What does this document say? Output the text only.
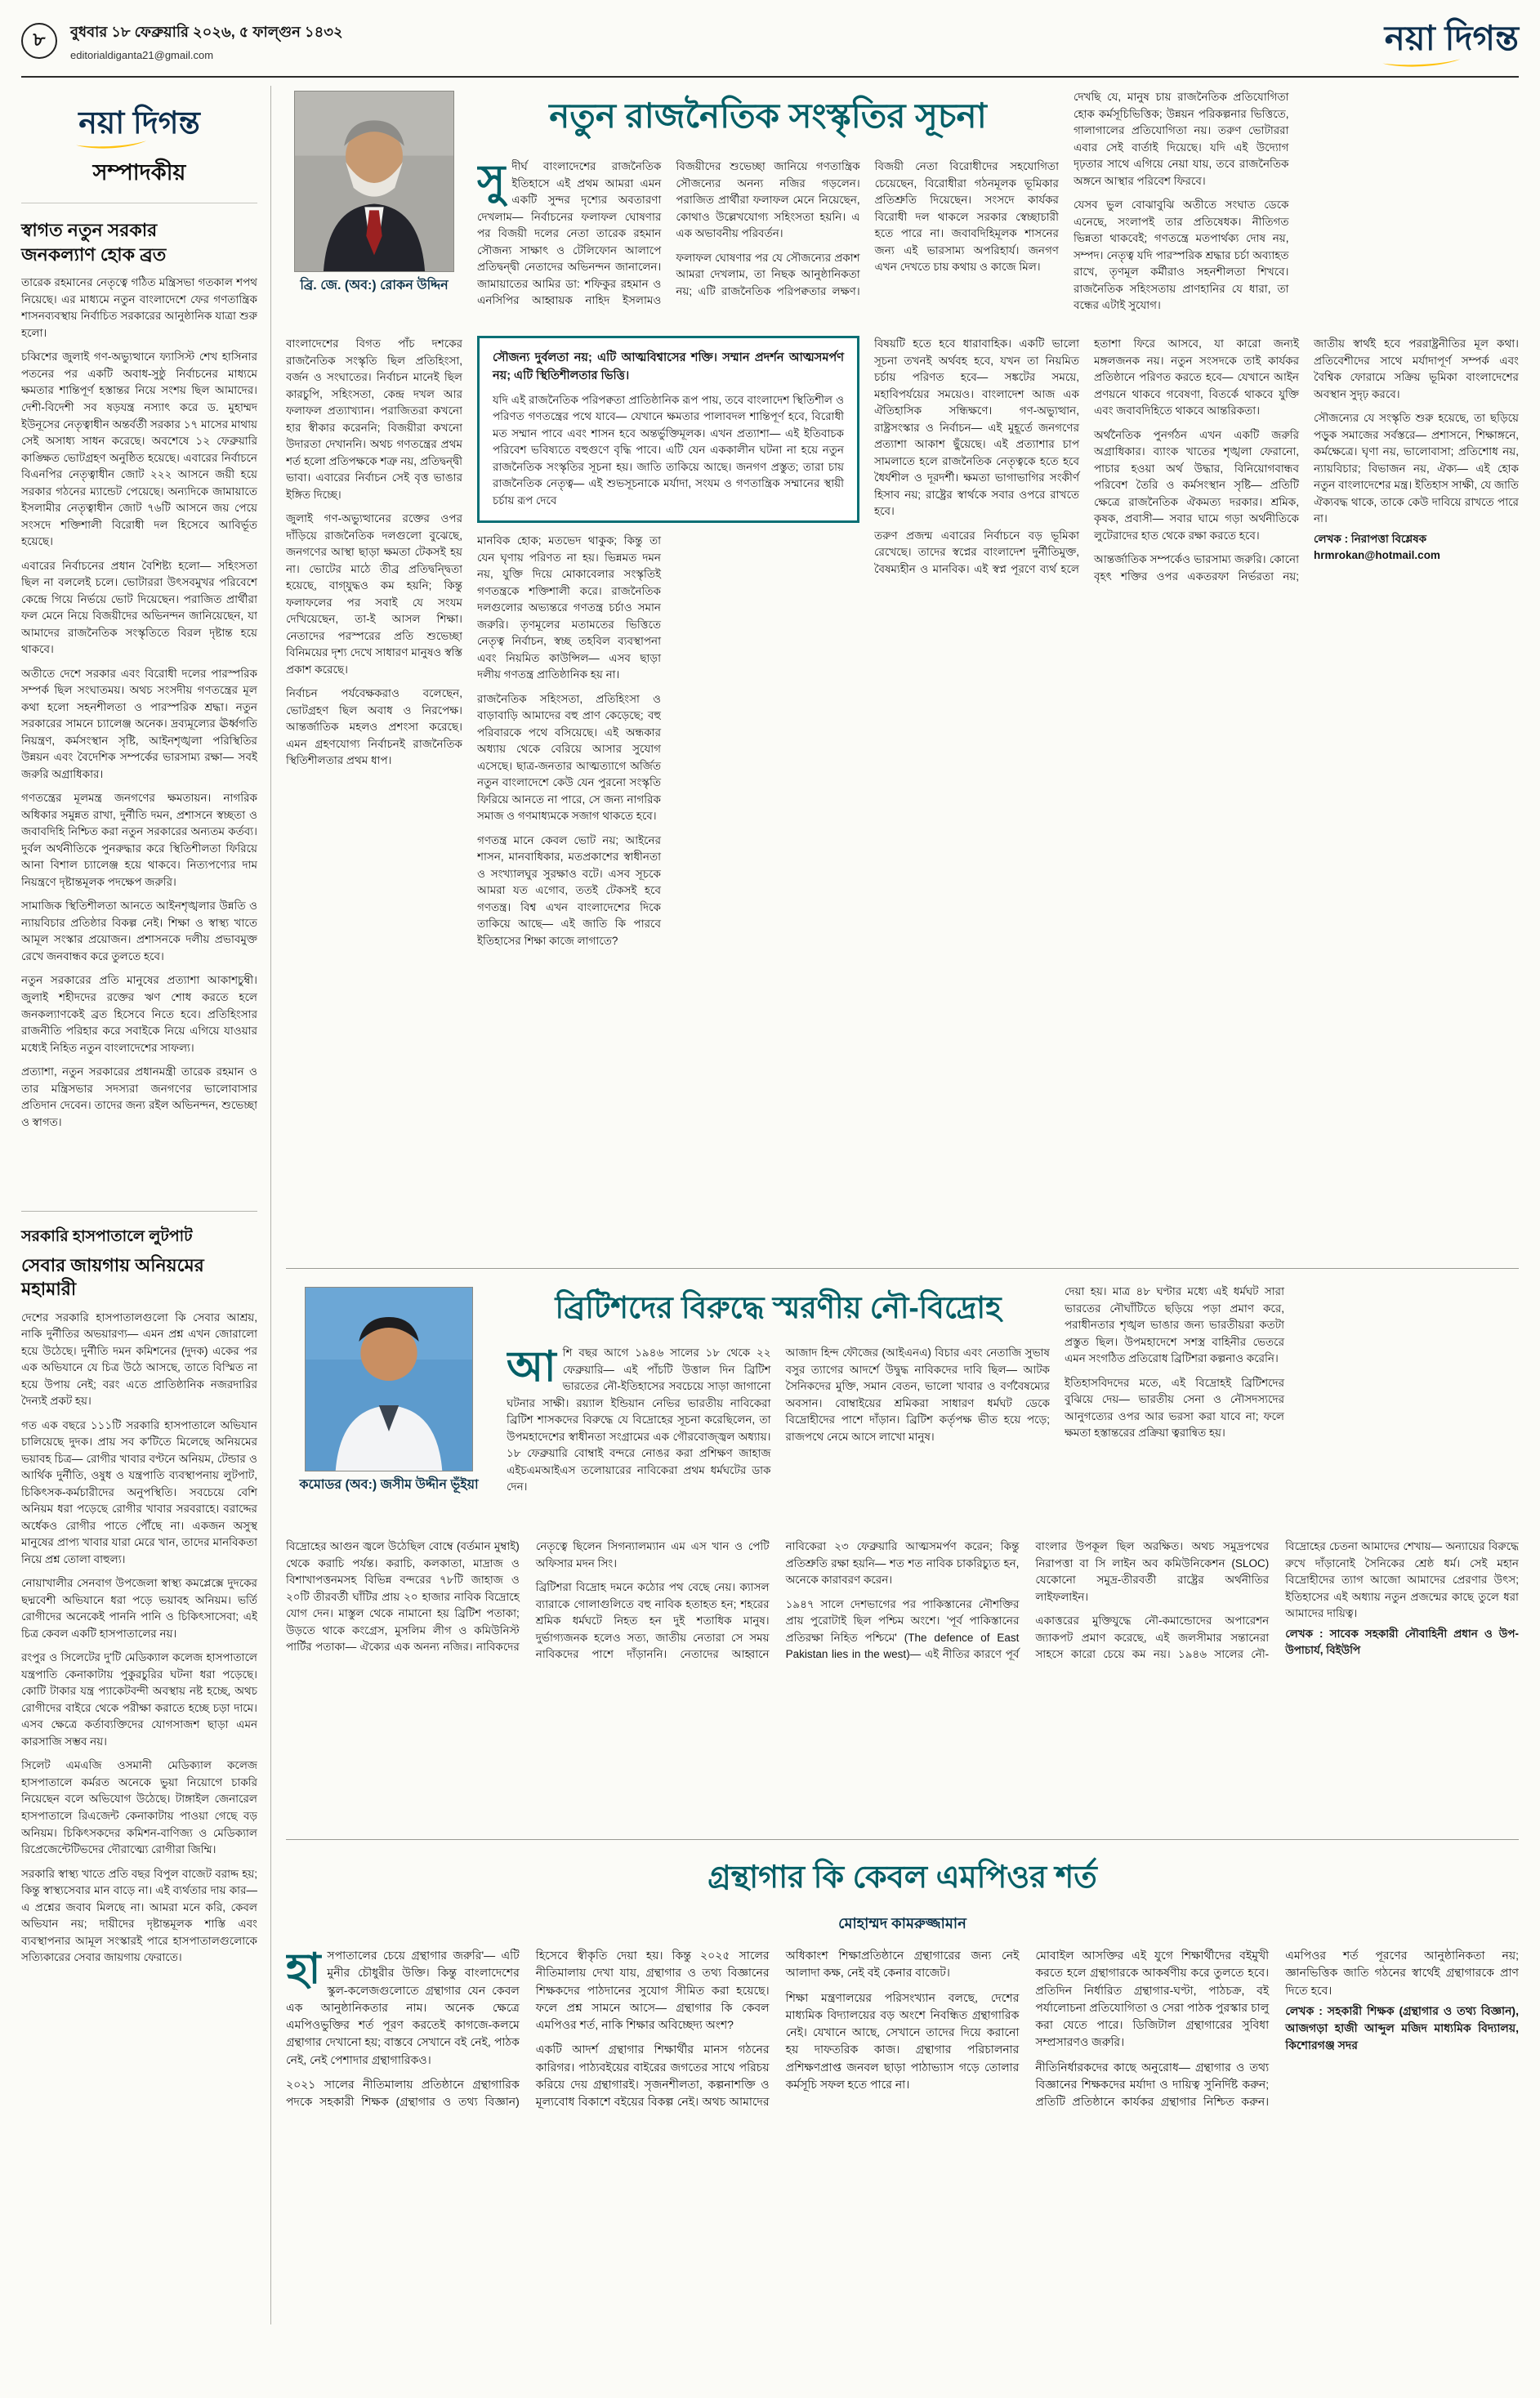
৮	বুধবার ১৮ ফেব্রুয়ারি ২০২৬, ৫ ফাল্গুন ১৪৩২
editorialdiganta21@gmail.com	নয়া দিগন্ত
নয়া দিগন্ত
সম্পাদকীয়
স্বাগত নতুন সরকার
জনকল্যাণ হোক ব্রত

তারেক রহমানের নেতৃত্বে গঠিত মন্ত্রিসভা গতকাল শপথ নিয়েছে। এর মাধ্যমে নতুন বাংলাদেশে ফের গণতান্ত্রিক শাসনব্যবস্থায় নির্বাচিত সরকারের আনুষ্ঠানিক যাত্রা শুরু হলো।

চব্বিশের জুলাই গণ-অভ্যুত্থানে ফ্যাসিস্ট শেখ হাসিনার পতনের পর একটি অবাধ-সুষ্ঠু নির্বাচনের মাধ্যমে ক্ষমতার শান্তিপূর্ণ হস্তান্তর নিয়ে সংশয় ছিল আমাদের। দেশী-বিদেশী সব ষড়যন্ত্র নস্যাৎ করে ড. মুহাম্মদ ইউনূসের নেতৃত্বাধীন অন্তর্বর্তী সরকার ১৭ মাসের মাথায় সেই অসাধ্য সাধন করেছে। অবশেষে ১২ ফেব্রুয়ারি কাঙ্ক্ষিত ভোটগ্রহণ অনুষ্ঠিত হয়েছে। এবারের নির্বাচনে বিএনপির নেতৃত্বাধীন জোট ২২২ আসনে জয়ী হয়ে সরকার গঠনের ম্যান্ডেট পেয়েছে। অন্যদিকে জামায়াতে ইসলামীর নেতৃত্বাধীন জোট ৭৬টি আসনে জয় পেয়ে সংসদে শক্তিশালী বিরোধী দল হিসেবে আবির্ভূত হয়েছে।

এবারের নির্বাচনের প্রধান বৈশিষ্ট্য হলো— সহিংসতা ছিল না বললেই চলে। ভোটাররা উৎসবমুখর পরিবেশে কেন্দ্রে গিয়ে নির্ভয়ে ভোট দিয়েছেন। পরাজিত প্রার্থীরা ফল মেনে নিয়ে বিজয়ীদের অভিনন্দন জানিয়েছেন, যা আমাদের রাজনৈতিক সংস্কৃতিতে বিরল দৃষ্টান্ত হয়ে থাকবে।

অতীতে দেশে সরকার এবং বিরোধী দলের পারস্পরিক সম্পর্ক ছিল সংঘাতময়। অথচ সংসদীয় গণতন্ত্রের মূল কথা হলো সহনশীলতা ও পারস্পরিক শ্রদ্ধা। নতুন সরকারের সামনে চ্যালেঞ্জ অনেক। দ্রব্যমূল্যের ঊর্ধ্বগতি নিয়ন্ত্রণ, কর্মসংস্থান সৃষ্টি, আইনশৃঙ্খলা পরিস্থিতির উন্নয়ন এবং বৈদেশিক সম্পর্কের ভারসাম্য রক্ষা— সবই জরুরি অগ্রাধিকার।

গণতন্ত্রের মূলমন্ত্র জনগণের ক্ষমতায়ন। নাগরিক অধিকার সমুন্নত রাখা, দুর্নীতি দমন, প্রশাসনে স্বচ্ছতা ও জবাবদিহি নিশ্চিত করা নতুন সরকারের অন্যতম কর্তব্য। দুর্বল অর্থনীতিকে পুনরুদ্ধার করে স্থিতিশীলতা ফিরিয়ে আনা বিশাল চ্যালেঞ্জ হয়ে থাকবে। নিত্যপণ্যের দাম নিয়ন্ত্রণে দৃষ্টান্তমূলক পদক্ষেপ জরুরি।

সামাজিক স্থিতিশীলতা আনতে আইনশৃঙ্খলার উন্নতি ও ন্যায়বিচার প্রতিষ্ঠার বিকল্প নেই। শিক্ষা ও স্বাস্থ্য খাতে আমূল সংস্কার প্রয়োজন। প্রশাসনকে দলীয় প্রভাবমুক্ত রেখে জনবান্ধব করে তুলতে হবে।

নতুন সরকারের প্রতি মানুষের প্রত্যাশা আকাশচুম্বী। জুলাই শহীদদের রক্তের ঋণ শোধ করতে হলে জনকল্যাণকেই ব্রত হিসেবে নিতে হবে। প্রতিহিংসার রাজনীতি পরিহার করে সবাইকে নিয়ে এগিয়ে যাওয়ার মধ্যেই নিহিত নতুন বাংলাদেশের সাফল্য।

প্রত্যাশা, নতুন সরকারের প্রধানমন্ত্রী তারেক রহমান ও তার মন্ত্রিসভার সদস্যরা জনগণের ভালোবাসার প্রতিদান দেবেন। তাদের জন্য রইল অভিনন্দন, শুভেচ্ছা ও স্বাগত।

সরকারি হাসপাতালে লুটপাট
সেবার জায়গায় অনিয়মের মহামারী

দেশের সরকারি হাসপাতালগুলো কি সেবার আশ্রয়, নাকি দুর্নীতির অভয়ারণ্য— এমন প্রশ্ন এখন জোরালো হয়ে উঠেছে। দুর্নীতি দমন কমিশনের (দুদক) একের পর এক অভিযানে যে চিত্র উঠে আসছে, তাতে বিস্মিত না হয়ে উপায় নেই; বরং এতে প্রাতিষ্ঠানিক নজরদারির দৈন্যই প্রকট হয়।

গত এক বছরে ১১১টি সরকারি হাসপাতালে অভিযান চালিয়েছে দুদক। প্রায় সব ক'টিতে মিলেছে অনিয়মের ভয়াবহ চিত্র— রোগীর খাবার বণ্টনে অনিয়ম, টেন্ডার ও আর্থিক দুর্নীতি, ওষুধ ও যন্ত্রপাতি ব্যবস্থাপনায় লুটপাট, চিকিৎসক-কর্মচারীদের অনুপস্থিতি। সবচেয়ে বেশি অনিয়ম ধরা পড়েছে রোগীর খাবার সরবরাহে। বরাদ্দের অর্ধেকও রোগীর পাতে পৌঁছে না। একজন অসুস্থ মানুষের প্রাপ্য খাবার যারা মেরে খান, তাদের মানবিকতা নিয়ে প্রশ্ন তোলা বাহুল্য।

নোয়াখালীর সেনবাগ উপজেলা স্বাস্থ্য কমপ্লেক্সে দুদকের ছদ্মবেশী অভিযানে ধরা পড়ে ভয়াবহ অনিয়ম। ভর্তি রোগীদের অনেকেই পাননি পানি ও চিকিৎসাসেবা; এই চিত্র কেবল একটি হাসপাতালের নয়।

রংপুর ও সিলেটের দু'টি মেডিক্যাল কলেজ হাসপাতালে যন্ত্রপাতি কেনাকাটায় পুকুরচুরির ঘটনা ধরা পড়েছে। কোটি টাকার যন্ত্র প্যাকেটবন্দী অবস্থায় নষ্ট হচ্ছে, অথচ রোগীদের বাইরে থেকে পরীক্ষা করাতে হচ্ছে চড়া দামে। এসব ক্ষেত্রে কর্তাব্যক্তিদের যোগসাজশ ছাড়া এমন কারসাজি সম্ভব নয়।

সিলেট এমএজি ওসমানী মেডিক্যাল কলেজ হাসপাতালে কর্মরত অনেকে ভুয়া নিয়োগে চাকরি নিয়েছেন বলে অভিযোগ উঠেছে। টাঙ্গাইল জেনারেল হাসপাতালে রিএজেন্ট কেনাকাটায় পাওয়া গেছে বড় অনিয়ম। চিকিৎসকদের কমিশন-বাণিজ্য ও মেডিক্যাল রিপ্রেজেন্টেটিভদের দৌরাত্ম্যে রোগীরা জিম্মি।

সরকারি স্বাস্থ্য খাতে প্রতি বছর বিপুল বাজেট বরাদ্দ হয়; কিন্তু স্বাস্থ্যসেবার মান বাড়ে না। এই ব্যর্থতার দায় কার— এ প্রশ্নের জবাব মিলছে না। আমরা মনে করি, কেবল অভিযান নয়; দায়ীদের দৃষ্টান্তমূলক শাস্তি এবং ব্যবস্থাপনার আমূল সংস্কারই পারে হাসপাতালগুলোকে সত্যিকারের সেবার জায়গায় ফেরাতে।

ব্রি. জে. (অব:) রোকন উদ্দিন
নতুন রাজনৈতিক সংস্কৃতির সূচনা

সুদীর্ঘ বাংলাদেশের রাজনৈতিক ইতিহাসে এই প্রথম আমরা এমন একটি সুন্দর দৃশ্যের অবতারণা দেখলাম— নির্বাচনের ফলাফল ঘোষণার পর বিজয়ী দলের নেতা তারেক রহমান সৌজন্য সাক্ষাৎ ও টেলিফোন আলাপে প্রতিদ্বন্দ্বী নেতাদের অভিনন্দন জানালেন। জামায়াতের আমির ডা: শফিকুর রহমান ও এনসিপির আহ্বায়ক নাহিদ ইসলামও বিজয়ীদের শুভেচ্ছা জানিয়ে গণতান্ত্রিক সৌজন্যের অনন্য নজির গড়লেন। পরাজিত প্রার্থীরা ফলাফল মেনে নিয়েছেন, কোথাও উল্লেখযোগ্য সহিংসতা হয়নি। এ এক অভাবনীয় পরিবর্তন।

ফলাফল ঘোষণার পর যে সৌজন্যের প্রকাশ আমরা দেখলাম, তা নিছক আনুষ্ঠানিকতা নয়; এটি রাজনৈতিক পরিপক্বতার লক্ষণ। বিজয়ী নেতা বিরোধীদের সহযোগিতা চেয়েছেন, বিরোধীরা গঠনমূলক ভূমিকার প্রতিশ্রুতি দিয়েছেন। সংসদে কার্যকর বিরোধী দল থাকলে সরকার স্বেচ্ছাচারী হতে পারে না। জবাবদিহিমূলক শাসনের জন্য এই ভারসাম্য অপরিহার্য। জনগণ এখন দেখতে চায় কথায় ও কাজে মিল।

দেখছি যে, মানুষ চায় রাজনৈতিক প্রতিযোগিতা হোক কর্মসূচিভিত্তিক; উন্নয়ন পরিকল্পনার ভিত্তিতে, গালাগালের প্রতিযোগিতা নয়। তরুণ ভোটাররা এবার সেই বার্তাই দিয়েছে। যদি এই উদ্যোগ দৃঢ়তার সাথে এগিয়ে নেয়া যায়, তবে রাজনৈতিক অঙ্গনে আস্থার পরিবেশ ফিরবে।

যেসব ভুল বোঝাবুঝি অতীতে সংঘাত ডেকে এনেছে, সংলাপই তার প্রতিষেধক। নীতিগত ভিন্নতা থাকবেই; গণতন্ত্রে মতপার্থক্য দোষ নয়, সম্পদ। নেতৃত্ব যদি পারস্পরিক শ্রদ্ধার চর্চা অব্যাহত রাখে, তৃণমূল কর্মীরাও সহনশীলতা শিখবে। রাজনৈতিক সহিংসতায় প্রাণহানির যে ধারা, তা বন্ধের এটাই সুযোগ।

বাংলাদেশের বিগত পাঁচ দশকের রাজনৈতিক সংস্কৃতি ছিল প্রতিহিংসা, বর্জন ও সংঘাতের। নির্বাচন মানেই ছিল কারচুপি, সহিংসতা, কেন্দ্র দখল আর ফলাফল প্রত্যাখ্যান। পরাজিতরা কখনো হার স্বীকার করেননি; বিজয়ীরা কখনো উদারতা দেখাননি। অথচ গণতন্ত্রের প্রথম শর্ত হলো প্রতিপক্ষকে শত্রু নয়, প্রতিদ্বন্দ্বী ভাবা। এবারের নির্বাচন সেই বৃত্ত ভাঙার ইঙ্গিত দিচ্ছে।

জুলাই গণ-অভ্যুত্থানের রক্তের ওপর দাঁড়িয়ে রাজনৈতিক দলগুলো বুঝেছে, জনগণের আস্থা ছাড়া ক্ষমতা টেকসই হয় না। ভোটের মাঠে তীব্র প্রতিদ্বন্দ্বিতা হয়েছে, বাগ্‌যুদ্ধও কম হয়নি; কিন্তু ফলাফলের পর সবাই যে সংযম দেখিয়েছেন, তা-ই আসল শিক্ষা। নেতাদের পরস্পরের প্রতি শুভেচ্ছা বিনিময়ের দৃশ্য দেখে সাধারণ মানুষও স্বস্তি প্রকাশ করেছে।

নির্বাচন পর্যবেক্ষকরাও বলেছেন, ভোটগ্রহণ ছিল অবাধ ও নিরপেক্ষ। আন্তর্জাতিক মহলও প্রশংসা করেছে। এমন গ্রহণযোগ্য নির্বাচনই রাজনৈতিক স্থিতিশীলতার প্রথম ধাপ।

সৌজন্য দুর্বলতা নয়; এটি আত্মবিশ্বাসের শক্তি। সম্মান প্রদর্শন আত্মসমর্পণ নয়; এটি স্থিতিশীলতার ভিত্তি।

যদি এই রাজনৈতিক পরিপক্বতা প্রাতিষ্ঠানিক রূপ পায়, তবে বাংলাদেশ স্থিতিশীল ও পরিণত গণতন্ত্রের পথে যাবে— যেখানে ক্ষমতার পালাবদল শান্তিপূর্ণ হবে, বিরোধী মত সম্মান পাবে এবং শাসন হবে অন্তর্ভুক্তিমূলক। এখন প্রত্যাশা— এই ইতিবাচক পরিবেশ ভবিষ্যতে বহুগুণে বৃদ্ধি পাবে। এটি যেন এককালীন ঘটনা না হয়ে নতুন রাজনৈতিক সংস্কৃতির সূচনা হয়। জাতি তাকিয়ে আছে। জনগণ প্রস্তুত; তারা চায় রাজনৈতিক নেতৃত্ব— এই শুভসূচনাকে মর্যাদা, সংযম ও গণতান্ত্রিক সম্মানের স্থায়ী চর্চায় রূপ দেবে

মানবিক হোক; মতভেদ থাকুক; কিন্তু তা যেন ঘৃণায় পরিণত না হয়। ভিন্নমত দমন নয়, যুক্তি দিয়ে মোকাবেলার সংস্কৃতিই গণতন্ত্রকে শক্তিশালী করে। রাজনৈতিক দলগুলোর অভ্যন্তরে গণতন্ত্র চর্চাও সমান জরুরি। তৃণমূলের মতামতের ভিত্তিতে নেতৃত্ব নির্বাচন, স্বচ্ছ তহবিল ব্যবস্থাপনা এবং নিয়মিত কাউন্সিল— এসব ছাড়া দলীয় গণতন্ত্র প্রাতিষ্ঠানিক হয় না।

রাজনৈতিক সহিংসতা, প্রতিহিংসা ও বাড়াবাড়ি আমাদের বহু প্রাণ কেড়েছে; বহু পরিবারকে পথে বসিয়েছে। এই অন্ধকার অধ্যায় থেকে বেরিয়ে আসার সুযোগ এসেছে। ছাত্র-জনতার আত্মত্যাগে অর্জিত নতুন বাংলাদেশে কেউ যেন পুরনো সংস্কৃতি ফিরিয়ে আনতে না পারে, সে জন্য নাগরিক সমাজ ও গণমাধ্যমকে সজাগ থাকতে হবে।

গণতন্ত্র মানে কেবল ভোট নয়; আইনের শাসন, মানবাধিকার, মতপ্রকাশের স্বাধীনতা ও সংখ্যালঘুর সুরক্ষাও বটে। এসব সূচকে আমরা যত এগোব, ততই টেকসই হবে গণতন্ত্র। বিশ্ব এখন বাংলাদেশের দিকে তাকিয়ে আছে— এই জাতি কি পারবে ইতিহাসের শিক্ষা কাজে লাগাতে?

বিষয়টি হতে হবে ধারাবাহিক। একটি ভালো সূচনা তখনই অর্থবহ হবে, যখন তা নিয়মিত চর্চায় পরিণত হবে— সঙ্কটের সময়ে, মহাবিপর্যয়ের সময়েও। বাংলাদেশ আজ এক ঐতিহাসিক সন্ধিক্ষণে। গণ-অভ্যুত্থান, রাষ্ট্রসংস্কার ও নির্বাচন— এই মুহূর্তে জনগণের প্রত্যাশা আকাশ ছুঁয়েছে। এই প্রত্যাশার চাপ সামলাতে হলে রাজনৈতিক নেতৃত্বকে হতে হবে ধৈর্যশীল ও দূরদর্শী। ক্ষমতা ভাগাভাগির সংকীর্ণ হিসাব নয়; রাষ্ট্রের স্বার্থকে সবার ওপরে রাখতে হবে।

তরুণ প্রজন্ম এবারের নির্বাচনে বড় ভূমিকা রেখেছে। তাদের স্বপ্নের বাংলাদেশ দুর্নীতিমুক্ত, বৈষম্যহীন ও মানবিক। এই স্বপ্ন পূরণে ব্যর্থ হলে হতাশা ফিরে আসবে, যা কারো জন্যই মঙ্গলজনক নয়। নতুন সংসদকে তাই কার্যকর প্রতিষ্ঠানে পরিণত করতে হবে— যেখানে আইন প্রণয়নে থাকবে গবেষণা, বিতর্কে থাকবে যুক্তি এবং জবাবদিহিতে থাকবে আন্তরিকতা।

অর্থনৈতিক পুনর্গঠন এখন একটি জরুরি অগ্রাধিকার। ব্যাংক খাতের শৃঙ্খলা ফেরানো, পাচার হওয়া অর্থ উদ্ধার, বিনিয়োগবান্ধব পরিবেশ তৈরি ও কর্মসংস্থান সৃষ্টি— প্রতিটি ক্ষেত্রে রাজনৈতিক ঐকমত্য দরকার। শ্রমিক, কৃষক, প্রবাসী— সবার ঘামে গড়া অর্থনীতিকে লুটেরাদের হাত থেকে রক্ষা করতে হবে।

আন্তর্জাতিক সম্পর্কেও ভারসাম্য জরুরি। কোনো বৃহৎ শক্তির ওপর একতরফা নির্ভরতা নয়; জাতীয় স্বার্থই হবে পররাষ্ট্রনীতির মূল কথা। প্রতিবেশীদের সাথে মর্যাদাপূর্ণ সম্পর্ক এবং বৈশ্বিক ফোরামে সক্রিয় ভূমিকা বাংলাদেশের অবস্থান সুদৃঢ় করবে।

সৌজন্যের যে সংস্কৃতি শুরু হয়েছে, তা ছড়িয়ে পড়ুক সমাজের সর্বস্তরে— প্রশাসনে, শিক্ষাঙ্গনে, কর্মক্ষেত্রে। ঘৃণা নয়, ভালোবাসা; প্রতিশোধ নয়, ন্যায়বিচার; বিভাজন নয়, ঐক্য— এই হোক নতুন বাংলাদেশের মন্ত্র। ইতিহাস সাক্ষী, যে জাতি ঐক্যবদ্ধ থাকে, তাকে কেউ দাবিয়ে রাখতে পারে না।

লেখক : নিরাপত্তা বিশ্লেষক
hrmrokan@hotmail.com

কমোডর (অব:) জসীম উদ্দীন ভূঁইয়া
ব্রিটিশদের বিরুদ্ধে স্মরণীয় নৌ-বিদ্রোহ

আশি বছর আগে ১৯৪৬ সালের ১৮ থেকে ২২ ফেব্রুয়ারি— এই পাঁচটি উত্তাল দিন ব্রিটিশ ভারতের নৌ-ইতিহাসের সবচেয়ে সাড়া জাগানো ঘটনার সাক্ষী। রয়্যাল ইন্ডিয়ান নেভির ভারতীয় নাবিকেরা ব্রিটিশ শাসকদের বিরুদ্ধে যে বিদ্রোহের সূচনা করেছিলেন, তা উপমহাদেশের স্বাধীনতা সংগ্রামের এক গৌরবোজ্জ্বল অধ্যায়। ১৮ ফেব্রুয়ারি বোম্বাই বন্দরে নোঙর করা প্রশিক্ষণ জাহাজ এইচএমআইএস তলোয়ারের নাবিকেরা প্রথম ধর্মঘটের ডাক দেন।

আজাদ হিন্দ ফৌজের (আইএনএ) বিচার এবং নেতাজি সুভাষ বসুর ত্যাগের আদর্শে উদ্বুদ্ধ নাবিকদের দাবি ছিল— আটক সৈনিকদের মুক্তি, সমান বেতন, ভালো খাবার ও বর্ণবৈষম্যের অবসান। বোম্বাইয়ের শ্রমিকরা সাধারণ ধর্মঘট ডেকে বিদ্রোহীদের পাশে দাঁড়ান। ব্রিটিশ কর্তৃপক্ষ ভীত হয়ে পড়ে; রাজপথে নেমে আসে লাখো মানুষ।

দেয়া হয়। মাত্র ৪৮ ঘণ্টার মধ্যে এই ধর্মঘট সারা ভারতের নৌঘাঁটিতে ছড়িয়ে পড়া প্রমাণ করে, পরাধীনতার শৃঙ্খল ভাঙার জন্য ভারতীয়রা কতটা প্রস্তুত ছিল। উপমহাদেশে সশস্ত্র বাহিনীর ভেতরে এমন সংগঠিত প্রতিরোধ ব্রিটিশরা কল্পনাও করেনি।

ইতিহাসবিদদের মতে, এই বিদ্রোহই ব্রিটিশদের বুঝিয়ে দেয়— ভারতীয় সেনা ও নৌসদস্যদের আনুগত্যের ওপর আর ভরসা করা যাবে না; ফলে ক্ষমতা হস্তান্তরের প্রক্রিয়া ত্বরান্বিত হয়।

বিদ্রোহের আগুন জ্বলে উঠেছিল বোম্বে (বর্তমান মুম্বাই) থেকে করাচি পর্যন্ত। করাচি, কলকাতা, মাদ্রাজ ও বিশাখাপত্তনমসহ বিভিন্ন বন্দরের ৭৮টি জাহাজ ও ২০টি তীরবর্তী ঘাঁটির প্রায় ২০ হাজার নাবিক বিদ্রোহে যোগ দেন। মাস্তুল থেকে নামানো হয় ব্রিটিশ পতাকা; উড়তে থাকে কংগ্রেস, মুসলিম লীগ ও কমিউনিস্ট পার্টির পতাকা— ঐক্যের এক অনন্য নজির। নাবিকদের নেতৃত্বে ছিলেন সিগন্যালম্যান এম এস খান ও পেটি অফিসার মদন সিং।

ব্রিটিশরা বিদ্রোহ দমনে কঠোর পথ বেছে নেয়। ক্যাসল ব্যারাকে গোলাগুলিতে বহু নাবিক হতাহত হন; শহরের শ্রমিক ধর্মঘটে নিহত হন দুই শতাধিক মানুষ। দুর্ভাগ্যজনক হলেও সত্য, জাতীয় নেতারা সে সময় নাবিকদের পাশে দাঁড়াননি। নেতাদের আহ্বানে নাবিকেরা ২৩ ফেব্রুয়ারি আত্মসমর্পণ করেন; কিন্তু প্রতিশ্রুতি রক্ষা হয়নি— শত শত নাবিক চাকরিচ্যুত হন, অনেকে কারাবরণ করেন।

১৯৪৭ সালে দেশভাগের পর পাকিস্তানের নৌশক্তির প্রায় পুরোটাই ছিল পশ্চিম অংশে। 'পূর্ব পাকিস্তানের প্রতিরক্ষা নিহিত পশ্চিমে' (The defence of East Pakistan lies in the west)— এই নীতির কারণে পূর্ব বাংলার উপকূল ছিল অরক্ষিত। অথচ সমুদ্রপথের নিরাপত্তা বা সি লাইন অব কমিউনিকেশন (SLOC) যেকোনো সমুদ্র-তীরবর্তী রাষ্ট্রের অর্থনীতির লাইফলাইন।

একাত্তরের মুক্তিযুদ্ধে নৌ-কমান্ডোদের অপারেশন জ্যাকপট প্রমাণ করেছে, এই জলসীমার সন্তানেরা সাহসে কারো চেয়ে কম নয়। ১৯৪৬ সালের নৌ-বিদ্রোহের চেতনা আমাদের শেখায়— অন্যায়ের বিরুদ্ধে রুখে দাঁড়ানোই সৈনিকের শ্রেষ্ঠ ধর্ম। সেই মহান বিদ্রোহীদের ত্যাগ আজো আমাদের প্রেরণার উৎস; ইতিহাসের এই অধ্যায় নতুন প্রজন্মের কাছে তুলে ধরা আমাদের দায়িত্ব।

লেখক : সাবেক সহকারী নৌবাহিনী প্রধান ও উপ-উপাচার্য, বিইউপি

গ্রন্থাগার কি কেবল এমপিওর শর্ত
মোহাম্মদ কামরুজ্জামান

হাসপাতালের চেয়ে গ্রন্থাগার জরুরি'— এটি মুনীর চৌধুরীর উক্তি। কিন্তু বাংলাদেশের স্কুল-কলেজগুলোতে গ্রন্থাগার যেন কেবল এক আনুষ্ঠানিকতার নাম। অনেক ক্ষেত্রে এমপিওভুক্তির শর্ত পূরণ করতেই কাগজে-কলমে গ্রন্থাগার দেখানো হয়; বাস্তবে সেখানে বই নেই, পাঠক নেই, নেই পেশাদার গ্রন্থাগারিকও।

২০২১ সালের নীতিমালায় প্রতিষ্ঠানে গ্রন্থাগারিক পদকে সহকারী শিক্ষক (গ্রন্থাগার ও তথ্য বিজ্ঞান) হিসেবে স্বীকৃতি দেয়া হয়। কিন্তু ২০২৫ সালের নীতিমালায় দেখা যায়, গ্রন্থাগার ও তথ্য বিজ্ঞানের শিক্ষকদের পাঠদানের সুযোগ সীমিত করা হয়েছে। ফলে প্রশ্ন সামনে আসে— গ্রন্থাগার কি কেবল এমপিওর শর্ত, নাকি শিক্ষার অবিচ্ছেদ্য অংশ?

একটি আদর্শ গ্রন্থাগার শিক্ষার্থীর মানস গঠনের কারিগর। পাঠ্যবইয়ের বাইরের জগতের সাথে পরিচয় করিয়ে দেয় গ্রন্থাগারই। সৃজনশীলতা, কল্পনাশক্তি ও মূল্যবোধ বিকাশে বইয়ের বিকল্প নেই। অথচ আমাদের অধিকাংশ শিক্ষাপ্রতিষ্ঠানে গ্রন্থাগারের জন্য নেই আলাদা কক্ষ, নেই বই কেনার বাজেট।

শিক্ষা মন্ত্রণালয়ের পরিসংখ্যান বলছে, দেশের মাধ্যমিক বিদ্যালয়ের বড় অংশে নিবন্ধিত গ্রন্থাগারিক নেই। যেখানে আছে, সেখানে তাদের দিয়ে করানো হয় দাফতরিক কাজ। গ্রন্থাগার পরিচালনার প্রশিক্ষণপ্রাপ্ত জনবল ছাড়া পাঠাভ্যাস গড়ে তোলার কর্মসূচি সফল হতে পারে না।

মোবাইল আসক্তির এই যুগে শিক্ষার্থীদের বইমুখী করতে হলে গ্রন্থাগারকে আকর্ষণীয় করে তুলতে হবে। প্রতিদিন নির্ধারিত গ্রন্থাগার-ঘণ্টা, পাঠচক্র, বই পর্যালোচনা প্রতিযোগিতা ও সেরা পাঠক পুরস্কার চালু করা যেতে পারে। ডিজিটাল গ্রন্থাগারের সুবিধা সম্প্রসারণও জরুরি।

নীতিনির্ধারকদের কাছে অনুরোধ— গ্রন্থাগার ও তথ্য বিজ্ঞানের শিক্ষকদের মর্যাদা ও দায়িত্ব সুনির্দিষ্ট করুন; প্রতিটি প্রতিষ্ঠানে কার্যকর গ্রন্থাগার নিশ্চিত করুন। এমপিওর শর্ত পূরণের আনুষ্ঠানিকতা নয়; জ্ঞানভিত্তিক জাতি গঠনের স্বার্থেই গ্রন্থাগারকে প্রাণ দিতে হবে।

লেখক : সহকারী শিক্ষক (গ্রন্থাগার ও তথ্য বিজ্ঞান), আজগড়া হাজী আব্দুল মজিদ মাধ্যমিক বিদ্যালয়, কিশোরগঞ্জ সদর
